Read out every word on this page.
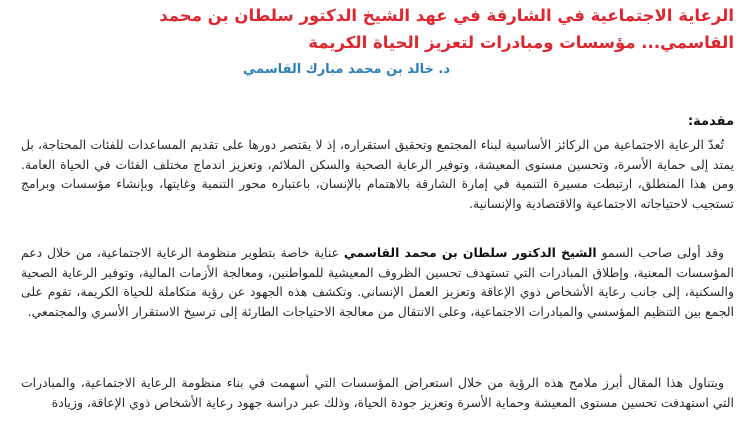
الرعاية الاجتماعية في الشارقة في عهد الشيخ الدكتور سلطان بن محمد
القاسمي... مؤسسات ومبادرات لتعزيز الحياة الكريمة

د. خالد بن محمد مبارك القاسمي

مقدمة:

تُعدّ الرعاية الاجتماعية من الركائز الأساسية لبناء المجتمع وتحقيق استقراره، إذ لا يقتصر دورها على تقديم المساعدات للفئات المحتاجة، بل يمتد إلى حماية الأسرة، وتحسين مستوى المعيشة، وتوفير الرعاية الصحية والسكن الملائم، وتعزيز اندماج مختلف الفئات في الحياة العامة. ومن هذا المنطلق، ارتبطت مسيرة التنمية في إمارة الشارقة بالاهتمام بالإنسان، باعتباره محور التنمية وغايتها، وبإنشاء مؤسسات وبرامج تستجيب لاحتياجاته الاجتماعية والاقتصادية والإنسانية.

وقد أولى صاحب السمو الشيخ الدكتور سلطان بن محمد القاسمي عناية خاصة بتطوير منظومة الرعاية الاجتماعية، من خلال دعم المؤسسات المعنية، وإطلاق المبادرات التي تستهدف تحسين الظروف المعيشية للمواطنين، ومعالجة الأزمات المالية، وتوفير الرعاية الصحية والسكنية، إلى جانب رعاية الأشخاص ذوي الإعاقة وتعزيز العمل الإنساني. وتكشف هذه الجهود عن رؤية متكاملة للحياة الكريمة، تقوم على الجمع بين التنظيم المؤسسي والمبادرات الاجتماعية، وعلى الانتقال من معالجة الاحتياجات الطارئة إلى ترسيخ الاستقرار الأسري والمجتمعي.

ويتناول هذا المقال أبرز ملامح هذه الرؤية من خلال استعراض المؤسسات التي أسهمت في بناء منظومة الرعاية الاجتماعية، والمبادرات التي استهدفت تحسين مستوى المعيشة وحماية الأسرة وتعزيز جودة الحياة، وذلك عبر دراسة جهود رعاية الأشخاص ذوي الإعاقة، وزيادة
